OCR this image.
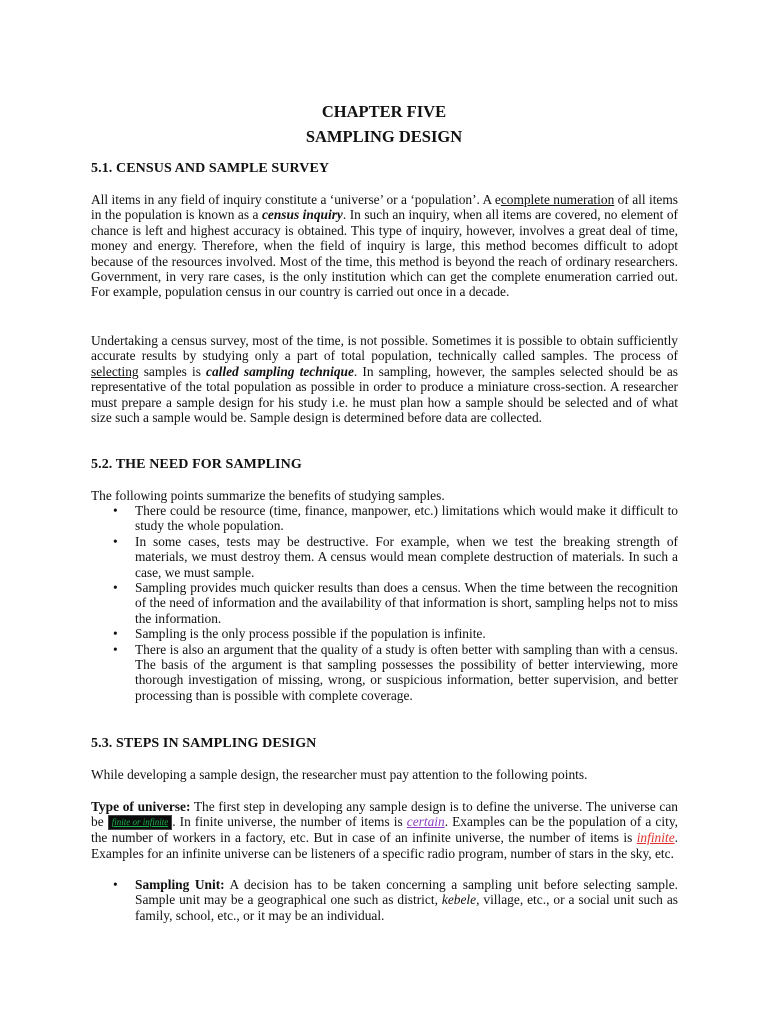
CHAPTER FIVE
SAMPLING DESIGN
5.1. CENSUS AND SAMPLE SURVEY

All items in any field of inquiry constitute a ‘universe’ or a ‘population’. A ecomplete numeration of all items in the population is known as a census inquiry. In such an inquiry, when all items are covered, no element of chance is left and highest accuracy is obtained. This type of inquiry, however, involves a great deal of time, money and energy. Therefore, when the field of inquiry is large, this method becomes difficult to adopt because of the resources involved. Most of the time, this method is beyond the reach of ordinary researchers. Government, in very rare cases, is the only institution which can get the complete enumeration carried out. For example, population census in our country is carried out once in a decade.

Undertaking a census survey, most of the time, is not possible. Sometimes it is possible to obtain sufficiently accurate results by studying only a part of total population, technically called samples. The process of selecting samples is called sampling technique. In sampling, however, the samples selected should be as representative of the total population as possible in order to produce a miniature cross-section. A researcher must prepare a sample design for his study i.e. he must plan how a sample should be selected and of what size such a sample would be. Sample design is determined before data are collected.

5.2. THE NEED FOR SAMPLING
The following points summarize the benefits of studying samples.
• There could be resource (time, finance, manpower, etc.) limitations which would make it difficult to study the whole population.
• In some cases, tests may be destructive. For example, when we test the breaking strength of materials, we must destroy them. A census would mean complete destruction of materials. In such a case, we must sample.
• Sampling provides much quicker results than does a census. When the time between the recognition of the need of information and the availability of that information is short, sampling helps not to miss the information.
• Sampling is the only process possible if the population is infinite.
• There is also an argument that the quality of a study is often better with sampling than with a census. The basis of the argument is that sampling possesses the possibility of better interviewing, more thorough investigation of missing, wrong, or suspicious information, better supervision, and better processing than is possible with complete coverage.
5.3. STEPS IN SAMPLING DESIGN
While developing a sample design, the researcher must pay attention to the following points.

Type of universe: The first step in developing any sample design is to define the universe. The universe can be finite or infinite . In finite universe, the number of items is certain. Examples can be the population of a city, the number of workers in a factory, etc. But in case of an infinite universe, the number of items is infinite. Examples for an infinite universe can be listeners of a specific radio program, number of stars in the sky, etc.

• Sampling Unit: A decision has to be taken concerning a sampling unit before selecting sample. Sample unit may be a geographical one such as district, kebele, village, etc., or a social unit such as family, school, etc., or it may be an individual.
